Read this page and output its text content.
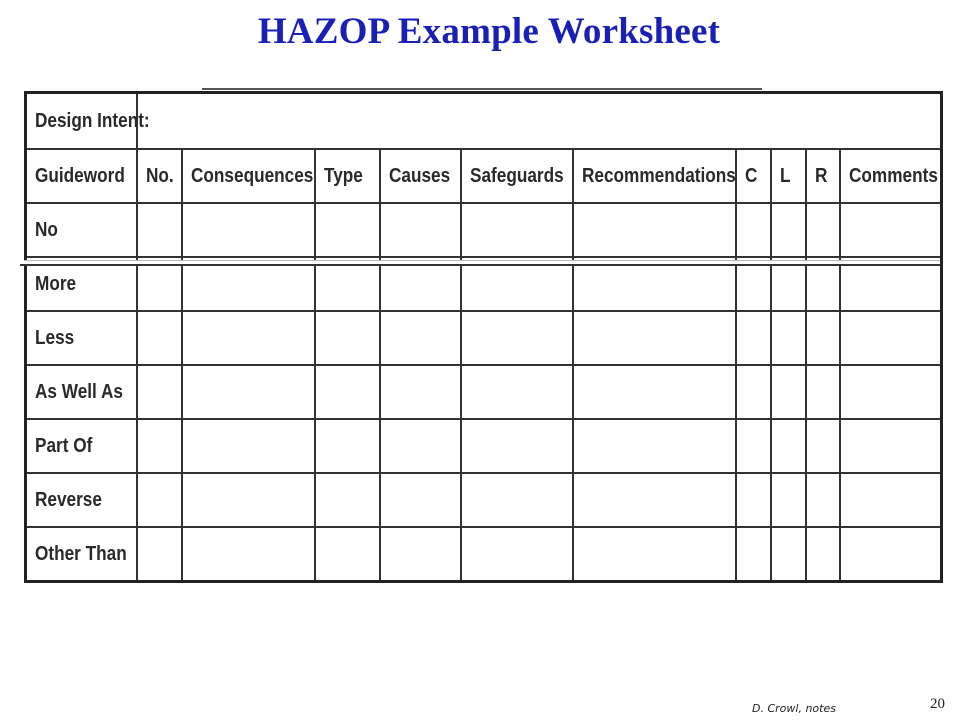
HAZOP Example Worksheet
Design Intent:										
Guideword	No.	Consequences	Type	Causes	Safeguards	Recommendations	C	L	R	Comments
No										
More										
Less										
As Well As										
Part Of										
Reverse										
Other Than										
D. Crowl, notes	20
